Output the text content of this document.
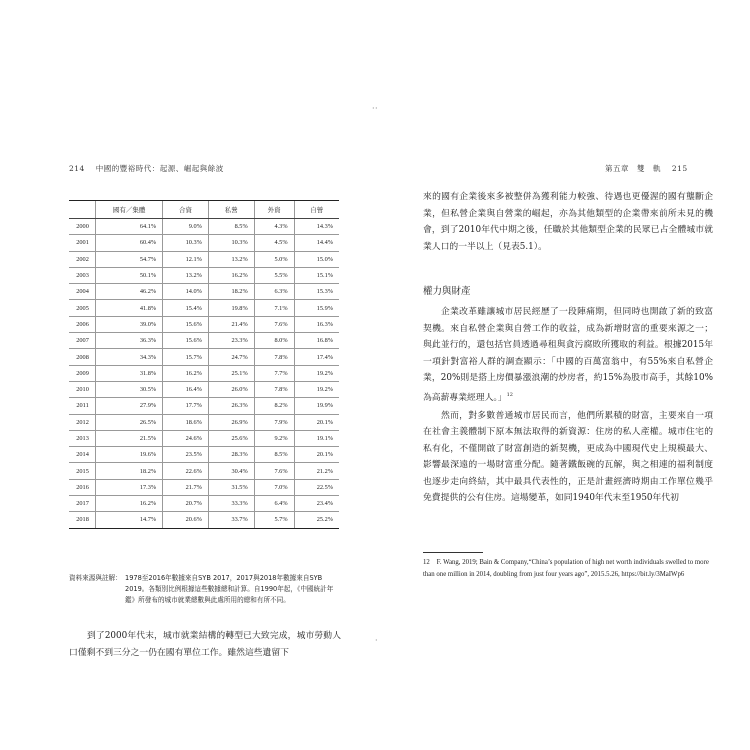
·
214 中國的豐裕時代：起源、崛起與餘波
	國有／集體	合資	私營	外資	自營
2000	64.1%	9.0%	8.5%	4.3%	14.3%
2001	60.4%	10.3%	10.3%	4.5%	14.4%
2002	54.7%	12.1%	13.2%	5.0%	15.0%
2003	50.1%	13.2%	16.2%	5.5%	15.1%
2004	46.2%	14.0%	18.2%	6.3%	15.3%
2005	41.8%	15.4%	19.8%	7.1%	15.9%
2006	39.0%	15.6%	21.4%	7.6%	16.3%
2007	36.3%	15.6%	23.3%	8.0%	16.8%
2008	34.3%	15.7%	24.7%	7.8%	17.4%
2009	31.8%	16.2%	25.1%	7.7%	19.2%
2010	30.5%	16.4%	26.0%	7.8%	19.2%
2011	27.9%	17.7%	26.3%	8.2%	19.9%
2012	26.5%	18.6%	26.9%	7.9%	20.1%
2013	21.5%	24.6%	25.6%	9.2%	19.1%
2014	19.6%	23.5%	28.3%	8.5%	20.1%
2015	18.2%	22.6%	30.4%	7.6%	21.2%
2016	17.3%	21.7%	31.5%	7.0%	22.5%
2017	16.2%	20.7%	33.3%	6.4%	23.4%
2018	14.7%	20.6%	33.7%	5.7%	25.2%
資料來源與註解： 1978至2016年數據來自SYB 2017，2017與2018年數據來自SYB 2019。各類別比例根據這些數據總和計算。自1990年起，《中國統計年鑑》所發布的城市就業總數與此處所用的總和有所不同。

到了2000年代末，城市就業結構的轉型已大致完成，城市勞動人口僅剩不到三分之一仍在國有單位工作。雖然這些遺留下

·
第五章　雙　軌 215

來的國有企業後來多被整併為獲利能力較強、待遇也更優渥的國有壟斷企業，但私營企業與自營業的崛起，亦為其他類型的企業帶來前所未見的機會，到了2010年代中期之後，任職於其他類型企業的民眾已占全體城市就業人口的一半以上（見表5.1）。

權力與財產

企業改革雖讓城市居民經歷了一段陣痛期，但同時也開啟了新的致富契機。來自私營企業與自營工作的收益，成為新增財富的重要來源之一；與此並行的，還包括官員透過尋租與貪污腐敗所獲取的利益。根據2015年一項針對富裕人群的調查顯示：「中國的百萬富翁中，有55%來自私營企業，20%則是搭上房價暴漲浪潮的炒房者，約15%為股市高手，其餘10%為高薪專業經理人。」$^{12}$

然而，對多數普通城市居民而言，他們所累積的財富，主要來自一項在社會主義體制下原本無法取得的新資源：住房的私人產權。城市住宅的私有化，不僅開啟了財富創造的新契機，更成為中國現代史上規模最大、影響最深遠的一場財富重分配。隨著鐵飯碗的瓦解，與之相連的福利制度也逐步走向終結，其中最具代表性的，正是計畫經濟時期由工作單位幾乎免費提供的公有住房。這場變革，如同1940年代末至1950年代初

12　F. Wang, 2019; Bain & Company,“China’s population of high net worth individuals swelled to more than one million in 2014, doubling from just four years ago”, 2015.5.26, https://bit.ly/3MaIWp6
·
